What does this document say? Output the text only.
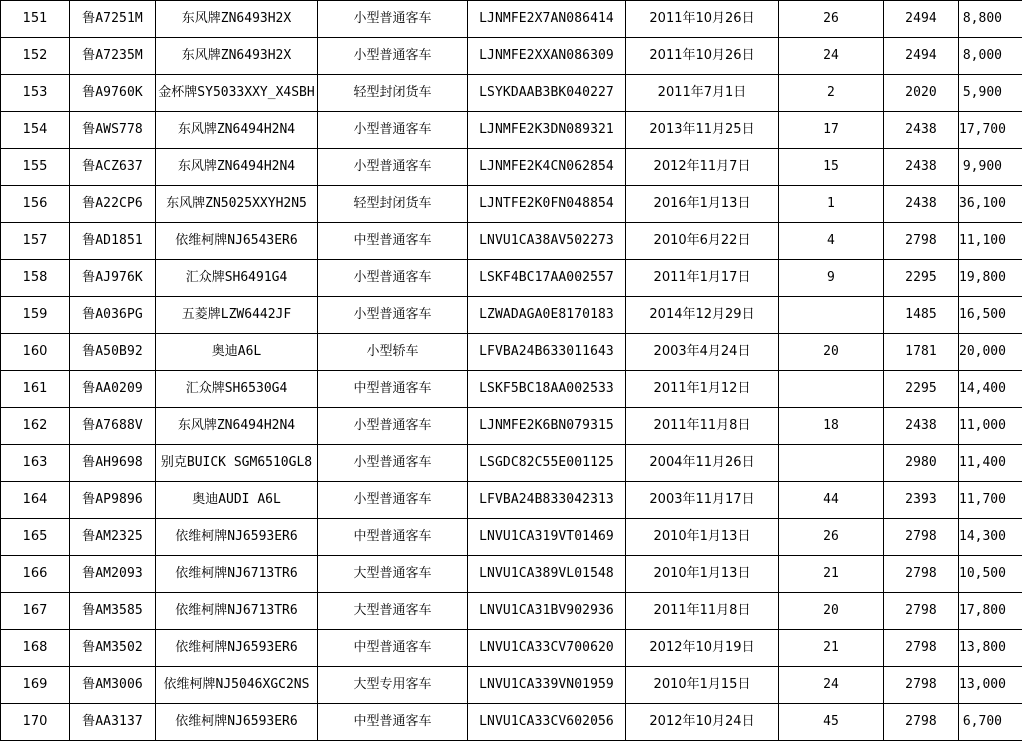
151	鲁A7251M	东风牌ZN6493H2X	小型普通客车	LJNMFE2X7AN086414	2011年10月26日	26	2494	8,800
152	鲁A7235M	东风牌ZN6493H2X	小型普通客车	LJNMFE2XXAN086309	2011年10月26日	24	2494	8,000
153	鲁A9760K	金杯牌SY5033XXY_X4SBH	轻型封闭货车	LSYKDAAB3BK040227	2011年7月1日	2	2020	5,900
154	鲁AWS778	东风牌ZN6494H2N4	小型普通客车	LJNMFE2K3DN089321	2013年11月25日	17	2438	17,700
155	鲁ACZ637	东风牌ZN6494H2N4	小型普通客车	LJNMFE2K4CN062854	2012年11月7日	15	2438	9,900
156	鲁A22CP6	东风牌ZN5025XXYH2N5	轻型封闭货车	LJNTFE2K0FN048854	2016年1月13日	1	2438	36,100
157	鲁AD1851	依维柯牌NJ6543ER6	中型普通客车	LNVU1CA38AV502273	2010年6月22日	4	2798	11,100
158	鲁AJ976K	汇众牌SH6491G4	小型普通客车	LSKF4BC17AA002557	2011年1月17日	9	2295	19,800
159	鲁A036PG	五菱牌LZW6442JF	小型普通客车	LZWADAGA0E8170183	2014年12月29日		1485	16,500
160	鲁A50B92	奥迪A6L	小型轿车	LFVBA24B633011643	2003年4月24日	20	1781	20,000
161	鲁AA0209	汇众牌SH6530G4	中型普通客车	LSKF5BC18AA002533	2011年1月12日		2295	14,400
162	鲁A7688V	东风牌ZN6494H2N4	小型普通客车	LJNMFE2K6BN079315	2011年11月8日	18	2438	11,000
163	鲁AH9698	别克BUICK SGM6510GL8	小型普通客车	LSGDC82C55E001125	2004年11月26日		2980	11,400
164	鲁AP9896	奥迪AUDI A6L	小型普通客车	LFVBA24B833042313	2003年11月17日	44	2393	11,700
165	鲁AM2325	依维柯牌NJ6593ER6	中型普通客车	LNVU1CA319VT01469	2010年1月13日	26	2798	14,300
166	鲁AM2093	依维柯牌NJ6713TR6	大型普通客车	LNVU1CA389VL01548	2010年1月13日	21	2798	10,500
167	鲁AM3585	依维柯牌NJ6713TR6	大型普通客车	LNVU1CA31BV902936	2011年11月8日	20	2798	17,800
168	鲁AM3502	依维柯牌NJ6593ER6	中型普通客车	LNVU1CA33CV700620	2012年10月19日	21	2798	13,800
169	鲁AM3006	依维柯牌NJ5046XGC2NS	大型专用客车	LNVU1CA339VN01959	2010年1月15日	24	2798	13,000
170	鲁AA3137	依维柯牌NJ6593ER6	中型普通客车	LNVU1CA33CV602056	2012年10月24日	45	2798	6,700
